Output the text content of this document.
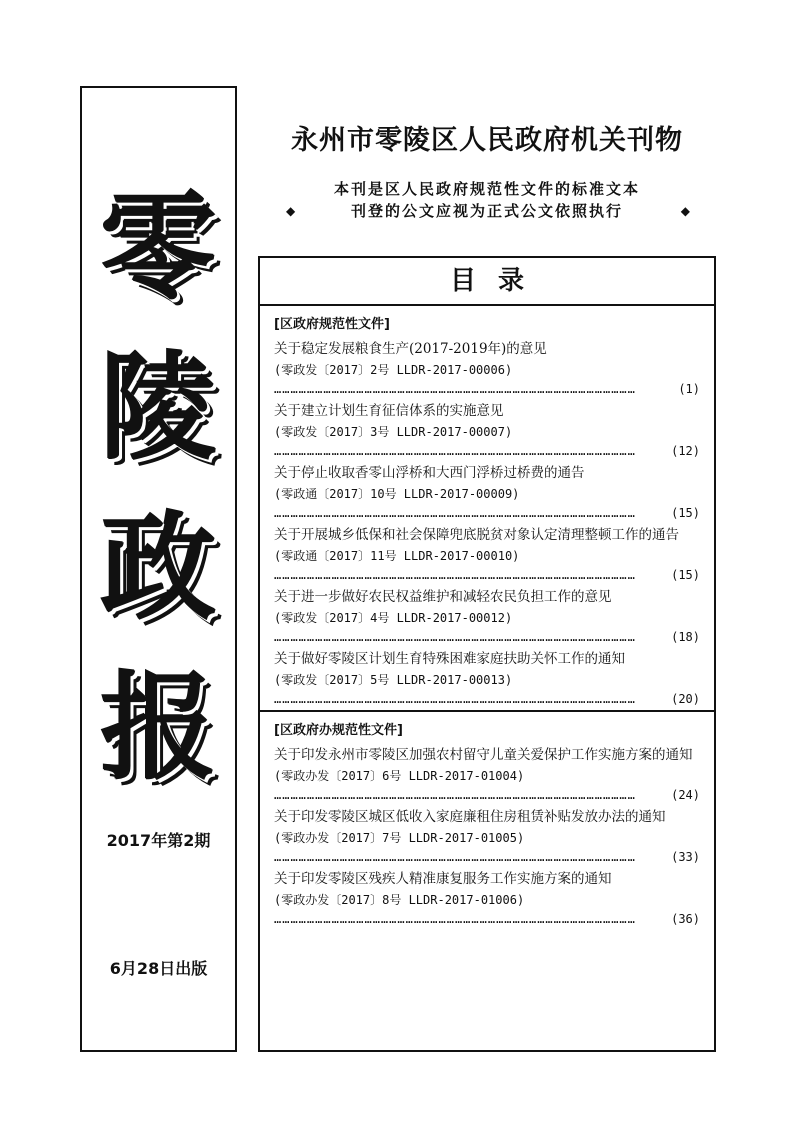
零
陵
政
报
2017年第2期
6月28日出版
永州市零陵区人民政府机关刊物
本刊是区人民政府规范性文件的标准文本
◆	刊登的公文应视为正式公文依照执行	◆
目录
[区政府规范性文件]
关于稳定发展粮食生产(2017-2019年)的意见
(零政发〔2017〕2号 LLDR-2017-00006)
……………………………………………………………………………………………………………………
(1)
关于建立计划生育征信体系的实施意见
(零政发〔2017〕3号 LLDR-2017-00007)
……………………………………………………………………………………………………………………
(12)
关于停止收取香零山浮桥和大西门浮桥过桥费的通告
(零政通〔2017〕10号 LLDR-2017-00009)
……………………………………………………………………………………………………………………
(15)
关于开展城乡低保和社会保障兜底脱贫对象认定清理整顿工作的通告
(零政通〔2017〕11号 LLDR-2017-00010)
……………………………………………………………………………………………………………………
(15)
关于进一步做好农民权益维护和减轻农民负担工作的意见
(零政发〔2017〕4号 LLDR-2017-00012)
……………………………………………………………………………………………………………………
(18)
关于做好零陵区计划生育特殊困难家庭扶助关怀工作的通知
(零政发〔2017〕5号 LLDR-2017-00013)
……………………………………………………………………………………………………………………
(20)
[区政府办规范性文件]
关于印发永州市零陵区加强农村留守儿童关爱保护工作实施方案的通知
(零政办发〔2017〕6号 LLDR-2017-01004)
……………………………………………………………………………………………………………………
(24)
关于印发零陵区城区低收入家庭廉租住房租赁补贴发放办法的通知
(零政办发〔2017〕7号 LLDR-2017-01005)
……………………………………………………………………………………………………………………
(33)
关于印发零陵区残疾人精准康复服务工作实施方案的通知
(零政办发〔2017〕8号 LLDR-2017-01006)
……………………………………………………………………………………………………………………
(36)
